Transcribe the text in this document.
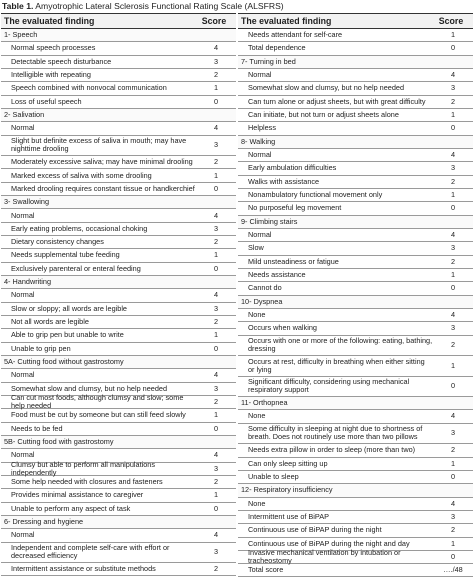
Table 1. Amyotrophic Lateral Sclerosis Functional Rating Scale (ALSFRS)
The evaluated finding	Score
1- Speech
Normal speech processes	4
Detectable speech disturbance	3
Intelligible with repeating	2
Speech combined with nonvocal communication	1
Loss of useful speech	0
2- Salivation
Normal	4
Slight but definite excess of saliva in mouth; may have nighttime drooling	3
Moderately excessive saliva; may have minimal drooling	2
Marked excess of saliva with some drooling	1
Marked drooling requires constant tissue or handkerchief	0
3- Swallowing
Normal	4
Early eating problems, occasional choking	3
Dietary consistency changes	2
Needs supplemental tube feeding	1
Exclusively parenteral or enteral feeding	0
4- Handwriting
Normal	4
Slow or sloppy; all words are legible	3
Not all words are legible	2
Able to grip pen but unable to write	1
Unable to grip pen	0
5A- Cutting food without gastrostomy
Normal	4
Somewhat slow and clumsy, but no help needed	3
Can cut most foods, although clumsy and slow; some help needed	2
Food must be cut by someone but can still feed slowly	1
Needs to be fed	0
5B- Cutting food with gastrostomy
Normal	4
Clumsy but able to perform all manipulations independently	3
Some help needed with closures and fasteners	2
Provides minimal assistance to caregiver	1
Unable to perform any aspect of task	0
6- Dressing and hygiene
Normal	4
Independent and complete self-care with effort or decreased efficiency	3
Intermittent assistance or substitute methods	2
The evaluated finding	Score
Needs attendant for self-care	1
Total dependence	0
7- Turning in bed
Normal	4
Somewhat slow and clumsy, but no help needed	3
Can turn alone or adjust sheets, but with great difficulty	2
Can initiate, but not turn or adjust sheets alone	1
Helpless	0
8- Walking
Normal	4
Early ambulation difficulties	3
Walks with assistance	2
Nonambulatory functional movement only	1
No purposeful leg movement	0
9- Climbing stairs
Normal	4
Slow	3
Mild unsteadiness or fatigue	2
Needs assistance	1
Cannot do	0
10- Dyspnea
None	4
Occurs when walking	3
Occurs with one or more of the following: eating, bathing, dressing	2
Occurs at rest, difficulty in breathing when either sitting or lying	1
Significant difficulty, considering using mechanical respiratory support	0
11- Orthopnea
None	4
Some difficulty in sleeping at night due to shortness of breath. Does not routinely use more than two pillows	3
Needs extra pillow in order to sleep (more than two)	2
Can only sleep sitting up	1
Unable to sleep	0
12- Respiratory insufficiency
None	4
Intermittent use of BiPAP	3
Continuous use of BiPAP during the night	2
Continuous use of BiPAP during the night and day	1
Invasive mechanical ventilation by intubation or tracheostomy	0
Total score	…./48
